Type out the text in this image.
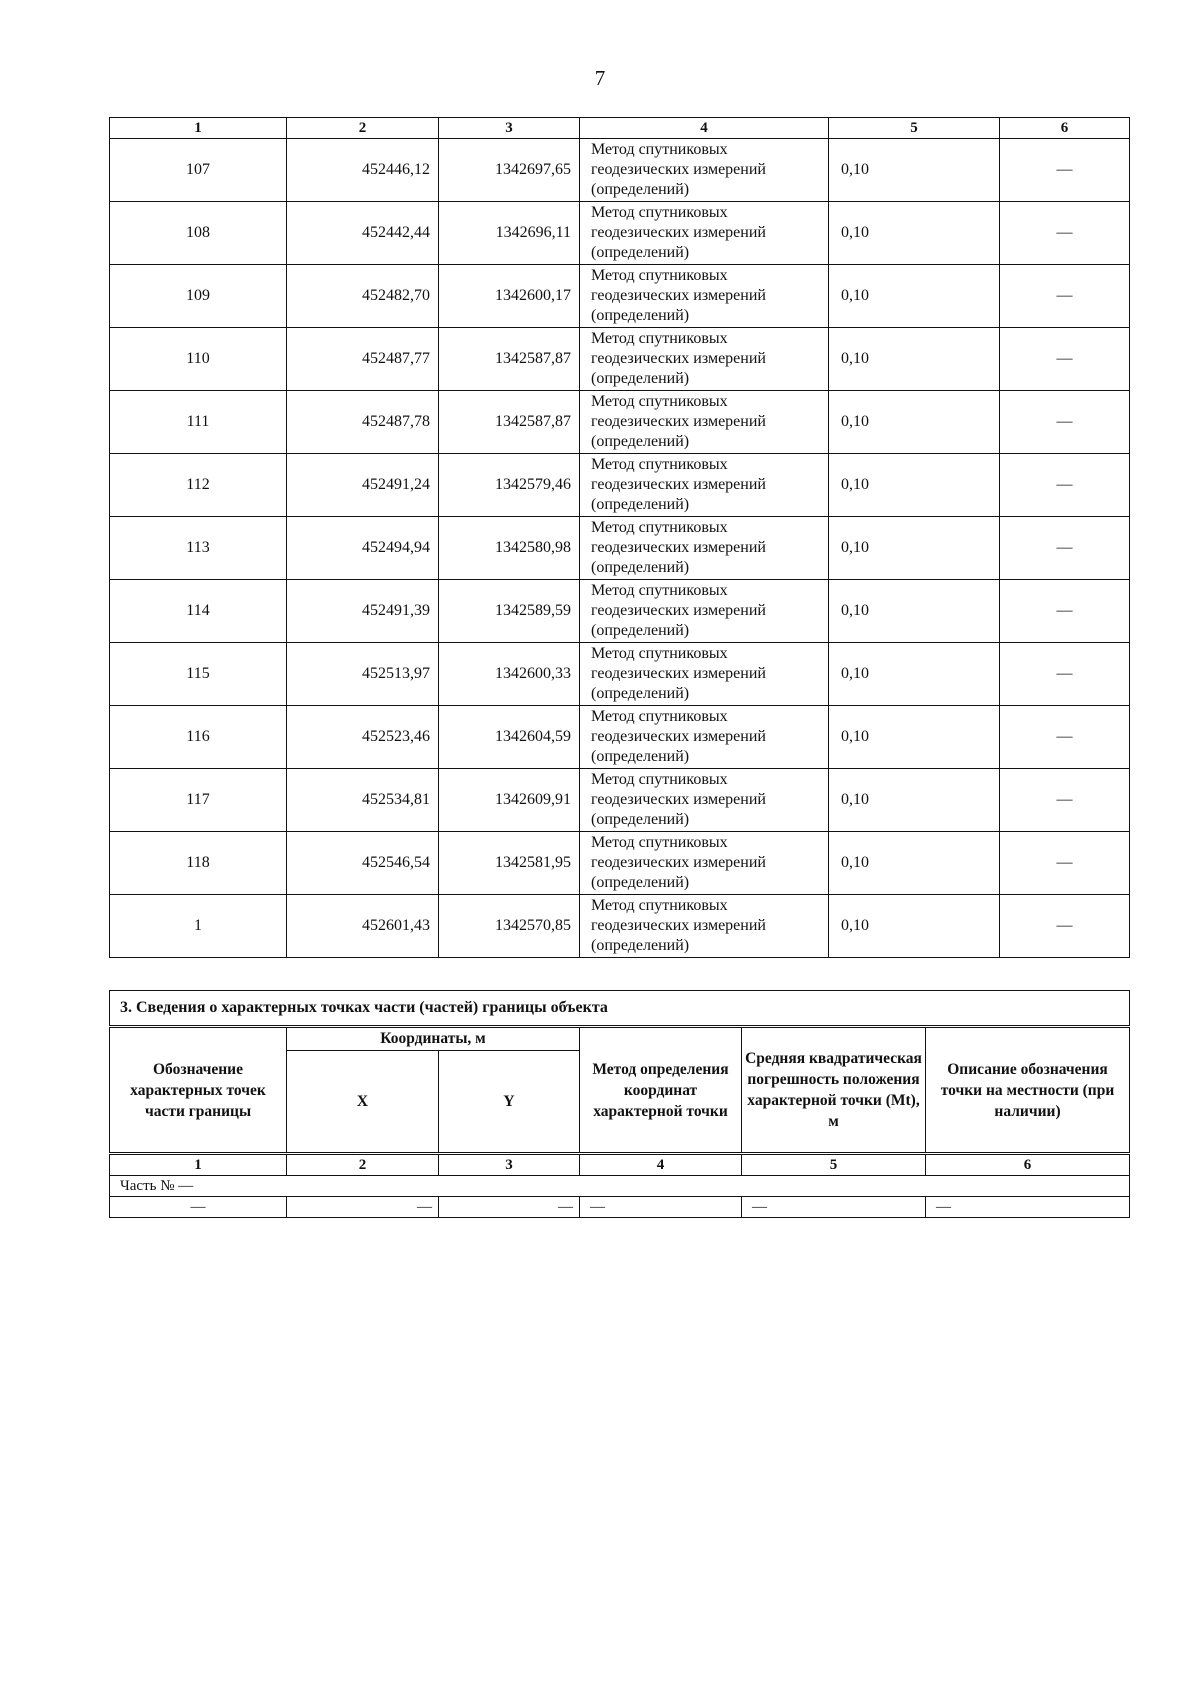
7
1	2	3	4	5	6
107	452446,12	1342697,65	Метод спутниковых
геодезических измерений
(определений)	0,10	—
108	452442,44	1342696,11	Метод спутниковых
геодезических измерений
(определений)	0,10	—
109	452482,70	1342600,17	Метод спутниковых
геодезических измерений
(определений)	0,10	—
110	452487,77	1342587,87	Метод спутниковых
геодезических измерений
(определений)	0,10	—
111	452487,78	1342587,87	Метод спутниковых
геодезических измерений
(определений)	0,10	—
112	452491,24	1342579,46	Метод спутниковых
геодезических измерений
(определений)	0,10	—
113	452494,94	1342580,98	Метод спутниковых
геодезических измерений
(определений)	0,10	—
114	452491,39	1342589,59	Метод спутниковых
геодезических измерений
(определений)	0,10	—
115	452513,97	1342600,33	Метод спутниковых
геодезических измерений
(определений)	0,10	—
116	452523,46	1342604,59	Метод спутниковых
геодезических измерений
(определений)	0,10	—
117	452534,81	1342609,91	Метод спутниковых
геодезических измерений
(определений)	0,10	—
118	452546,54	1342581,95	Метод спутниковых
геодезических измерений
(определений)	0,10	—
1	452601,43	1342570,85	Метод спутниковых
геодезических измерений
(определений)	0,10	—
3. Сведения о характерных точках части (частей) границы объекта					
Обозначение характерных точек части границы	Координаты, м		Метод определения координат характерной точки	Средняя квадратическая погрешность положения характерной точки (Mt), м	Описание обозначения точки на местности (при наличии)
	X	Y			
1	2	3	4	5	6
Часть № —					
—	—	—	—	—	—
